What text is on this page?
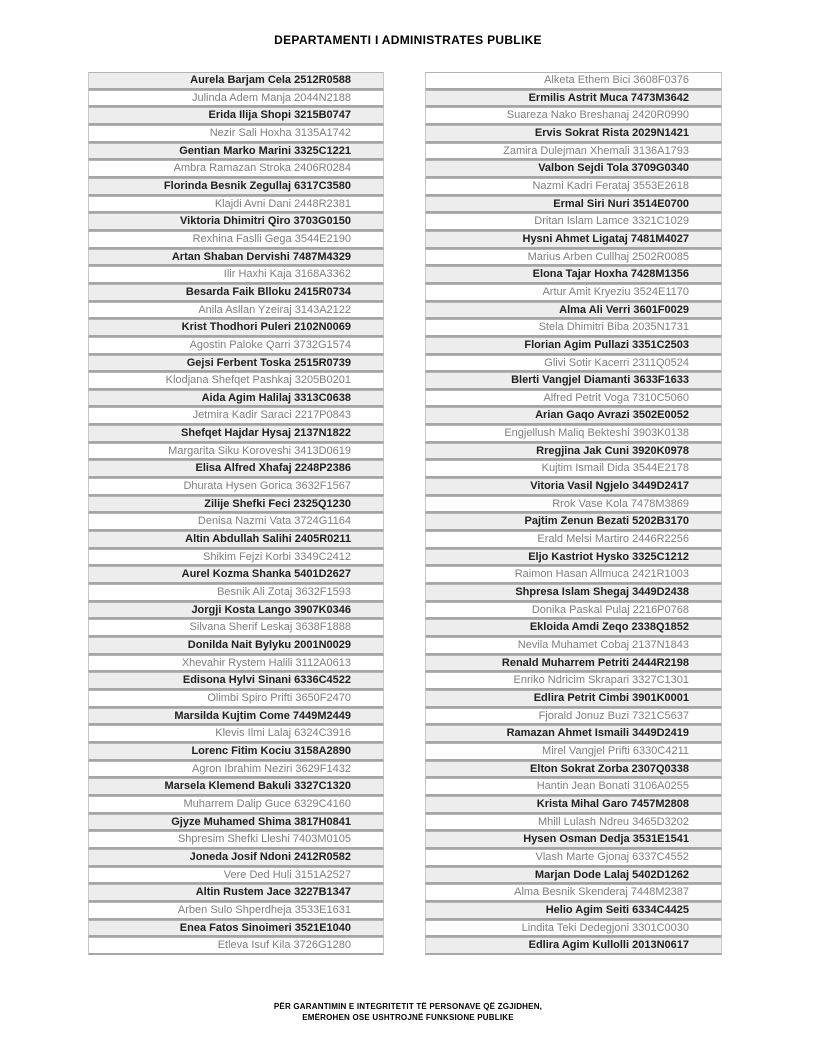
DEPARTAMENTI I ADMINISTRATES PUBLIKE
Aurela Barjam Cela 2512R0588
Julinda Adem Manja 2044N2188
Erida Ilija Shopi 3215B0747
Nezir Sali Hoxha 3135A1742
Gentian Marko Marini 3325C1221
Ambra Ramazan Stroka 2406R0284
Florinda Besnik Zegullaj 6317C3580
Klajdi Avni Dani 2448R2381
Viktoria Dhimitri Qiro 3703G0150
Rexhina Faslli Gega 3544E2190
Artan Shaban Dervishi 7487M4329
Ilir Haxhi Kaja 3168A3362
Besarda Faik Blloku 2415R0734
Anila Asllan Yzeiraj 3143A2122
Krist Thodhori Puleri 2102N0069
Agostin Paloke Qarri 3732G1574
Gejsi Ferbent Toska 2515R0739
Klodjana Shefqet Pashkaj 3205B0201
Aida Agim Halilaj 3313C0638
Jetmira Kadir Saraci 2217P0843
Shefqet Hajdar Hysaj 2137N1822
Margarita Siku Koroveshi 3413D0619
Elisa Alfred Xhafaj 2248P2386
Dhurata Hysen Gorica 3632F1567
Zilije Shefki Feci 2325Q1230
Denisa Nazmi Vata 3724G1164
Altin Abdullah Salihi 2405R0211
Shikim Fejzi Korbi 3349C2412
Aurel Kozma Shanka 5401D2627
Besnik Ali Zotaj 3632F1593
Jorgji Kosta Lango 3907K0346
Silvana Sherif Leskaj 3638F1888
Donilda Nait Bylyku 2001N0029
Xhevahir Rystem Halili 3112A0613
Edisona Hylvi Sinani 6336C4522
Olimbi Spiro Prifti 3650F2470
Marsilda Kujtim Come 7449M2449
Klevis Ilmi Lalaj 6324C3916
Lorenc Fitim Kociu 3158A2890
Agron Ibrahim Neziri 3629F1432
Marsela Klemend Bakuli 3327C1320
Muharrem Dalip Guce 6329C4160
Gjyze Muhamed Shima 3817H0841
Shpresim Shefki Lleshi 7403M0105
Joneda Josif Ndoni 2412R0582
Vere Ded Huli 3151A2527
Altin Rustem Jace 3227B1347
Arben Sulo Shperdheja 3533E1631
Enea Fatos Sinoimeri 3521E1040
Etleva Isuf Kila 3726G1280
Alketa Ethem Bici 3608F0376
Ermilis Astrit Muca 7473M3642
Suareza Nako Breshanaj 2420R0990
Ervis Sokrat Rista 2029N1421
Zamira Dulejman Xhemali 3136A1793
Valbon Sejdi Tola 3709G0340
Nazmi Kadri Ferataj 3553E2618
Ermal Siri Nuri 3514E0700
Dritan Islam Lamce 3321C1029
Hysni Ahmet Ligataj 7481M4027
Marius Arben Cullhaj 2502R0085
Elona Tajar Hoxha 7428M1356
Artur Amit Kryeziu 3524E1170
Alma Ali Verri 3601F0029
Stela Dhimitri Biba 2035N1731
Florian Agim Pullazi 3351C2503
Glivi Sotir Kacerri 2311Q0524
Blerti Vangjel Diamanti 3633F1633
Alfred Petrit Voga 7310C5060
Arian Gaqo Avrazi 3502E0052
Engjellush Maliq Bekteshi 3903K0138
Rregjina Jak Cuni 3920K0978
Kujtim Ismail Dida 3544E2178
Vitoria Vasil Ngjelo 3449D2417
Rrok Vase Kola 7478M3869
Pajtim Zenun Bezati 5202B3170
Erald Melsi Martiro 2446R2256
Eljo Kastriot Hysko 3325C1212
Raimon Hasan Allmuca 2421R1003
Shpresa Islam Shegaj 3449D2438
Donika Paskal Pulaj 2216P0768
Ekloida Amdi Zeqo 2338Q1852
Nevila Muhamet Cobaj 2137N1843
Renald Muharrem Petriti 2444R2198
Enriko Ndricim Skrapari 3327C1301
Edlira Petrit Cimbi 3901K0001
Fjorald Jonuz Buzi 7321C5637
Ramazan Ahmet Ismaili 3449D2419
Mirel Vangjel Prifti 6330C4211
Elton Sokrat Zorba 2307Q0338
Hantin Jean Bonati 3106A0255
Krista Mihal Garo 7457M2808
Mhill Lulash Ndreu 3465D3202
Hysen Osman Dedja 3531E1541
Vlash Marte Gjonaj 6337C4552
Marjan Dode Lalaj 5402D1262
Alma Besnik Skenderaj 7448M2387
Helio Agim Seiti 6334C4425
Lindita Teki Dedegjoni 3301C0030
Edlira Agim Kullolli 2013N0617
PËR GARANTIMIN E INTEGRITETIT TË PERSONAVE QË ZGJIDHEN,
EMËROHEN OSE USHTROJNË FUNKSIONE PUBLIKE
